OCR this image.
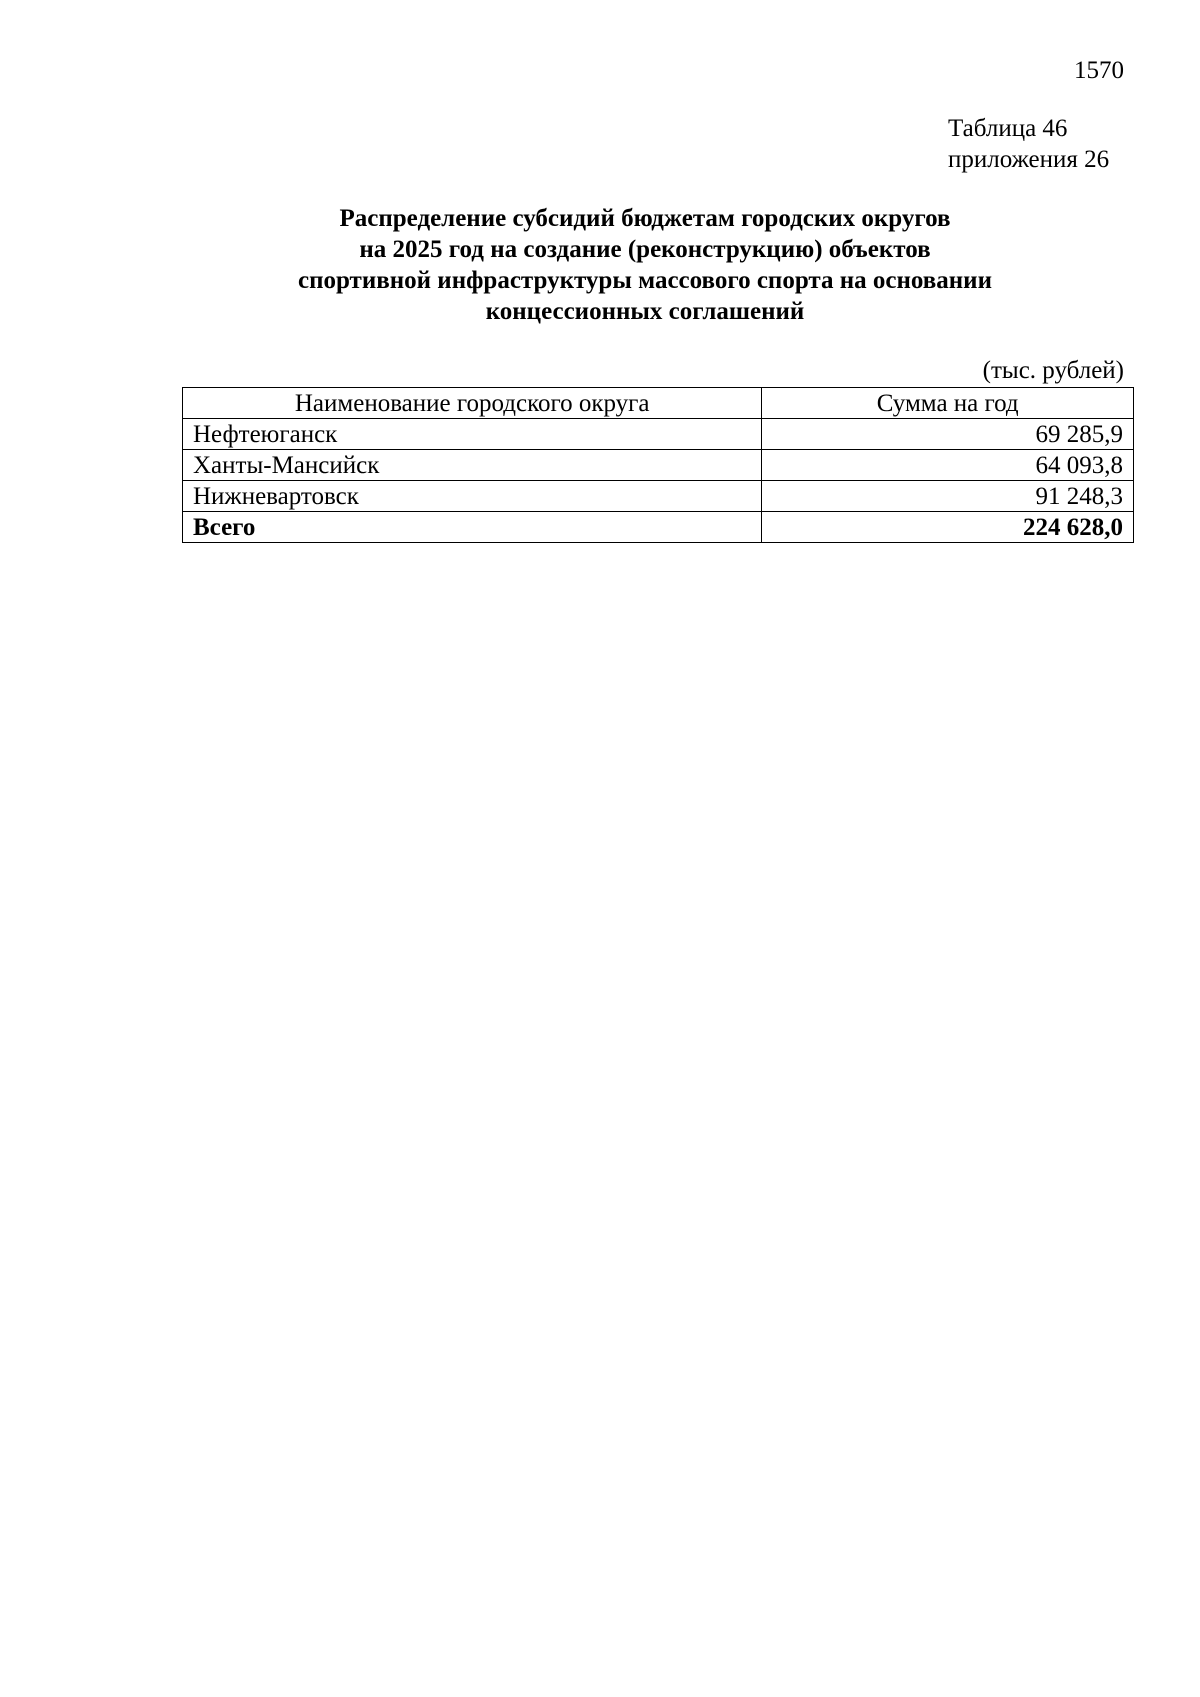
1570
Таблица 46
приложения 26
Распределение субсидий бюджетам городских округов
на 2025 год на создание (реконструкцию) объектов
спортивной инфраструктуры массового спорта на основании
концессионных соглашений
(тыс. рублей)
Наименование городского округа	Сумма на год
Нефтеюганск	69 285,9
Ханты-Мансийск	64 093,8
Нижневартовск	91 248,3
Всего	224 628,0
